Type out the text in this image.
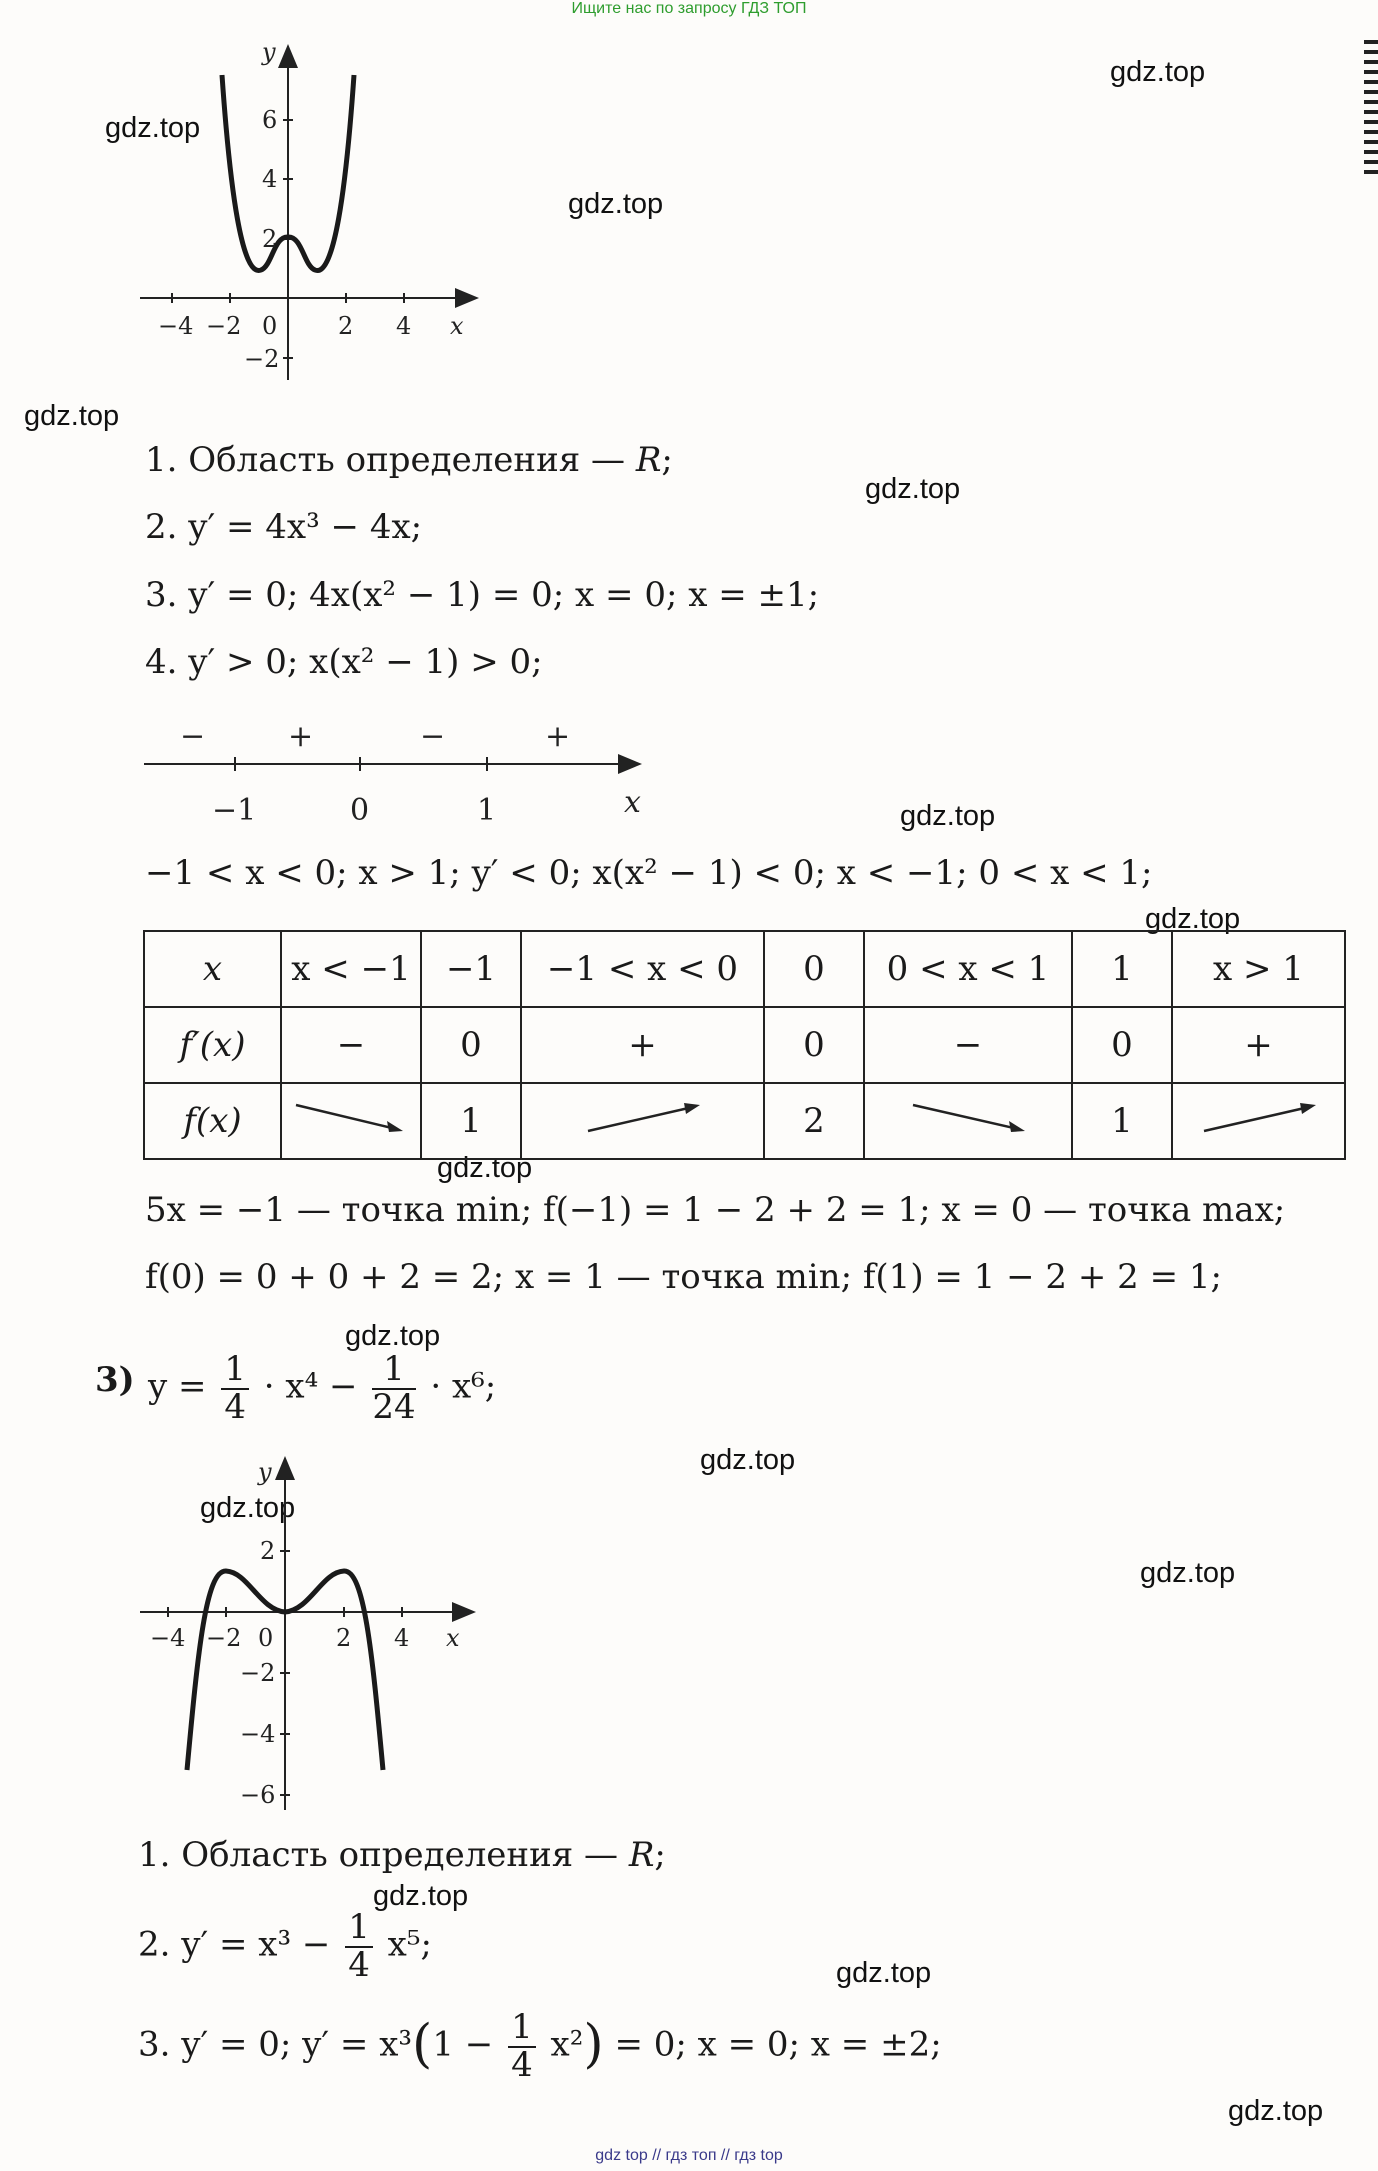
Ищите нас по запросу ГДЗ ТОП
gdz.top
gdz.top
gdz.top
gdz.top
gdz.top
gdz.top
gdz.top
gdz.top
gdz.top
gdz.top
gdz.top
gdz.top
gdz.top
gdz.top
gdz.top
−4 −2 0	2 4 x
y
6
4
2
−2
1. Область определения — R;
2. y′ = 4x³ − 4x;
3. y′ = 0; 4x(x² − 1) = 0; x = 0; x = ±1;
4. y′ > 0; x(x² − 1) > 0;
−	+	−	+
−1	0	1	x
−1 < x < 0; x > 1; y′ < 0; x(x² − 1) < 0; x < −1; 0 < x < 1;
x	x < −1	−1	−1 < x < 0	0	0 < x < 1	1	x > 1
f′(x)	−	0	+	0	−	0	+
f(x)		1		2		1	
5x = −1 — точка min; f(−1) = 1 − 2 + 2 = 1; x = 0 — точка max;
f(0) = 0 + 0 + 2 = 2; x = 1 — точка min; f(1) = 1 − 2 + 2 = 1;
3) $y = \frac{1}{4} \cdot x^4 - \frac{1}{24} \cdot x^6$;
−4 −2 0	2 4 x
y
2
−2
−4
−6
1. Область определения — R;
2. $y' = x^3 - \frac{1}{4} x^5$;
3. y′ = 0; $y' = x^3(1 - \frac{1}{4} x^2) = 0$; x = 0; x = ±2;
gdz top // гдз топ // гдз top
